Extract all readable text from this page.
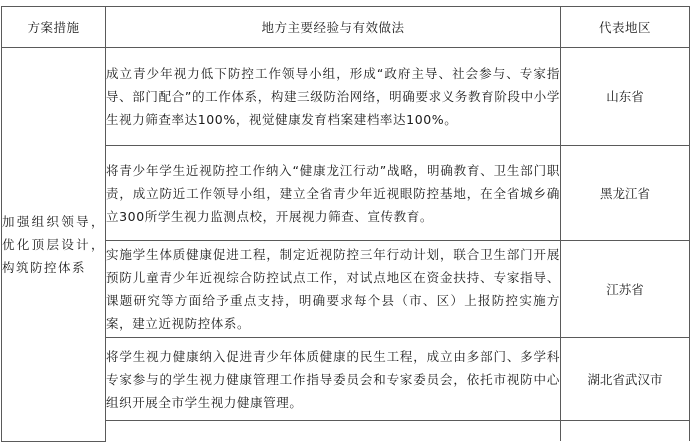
方案措施	地方主要经验与有效做法	代表地区
加强组织领导，优化顶层设计，构筑防控体系	成立青少年视力低下防控工作领导小组，形成“政府主导、社会参与、专家指导、部门配合”的工作体系，构建三级防治网络，明确要求义务教育阶段中小学生视力筛查率达100%，视觉健康发育档案建档率达100%。	山东省
	将青少年学生近视防控工作纳入“健康龙江行动”战略，明确教育、卫生部门职责，成立防近工作领导小组，建立全省青少年近视眼防控基地，在全省城乡确立300所学生视力监测点校，开展视力筛查、宣传教育。	黑龙江省
	实施学生体质健康促进工程，制定近视防控三年行动计划，联合卫生部门开展预防儿童青少年近视综合防控试点工作，对试点地区在资金扶持、专家指导、课题研究等方面给予重点支持，明确要求每个县（市、区）上报防控实施方案，建立近视防控体系。	江苏省
	将学生视力健康纳入促进青少年体质健康的民生工程，成立由多部门、多学科专家参与的学生视力健康管理工作指导委员会和专家委员会，依托市视防中心组织开展全市学生视力健康管理。	湖北省武汉市
